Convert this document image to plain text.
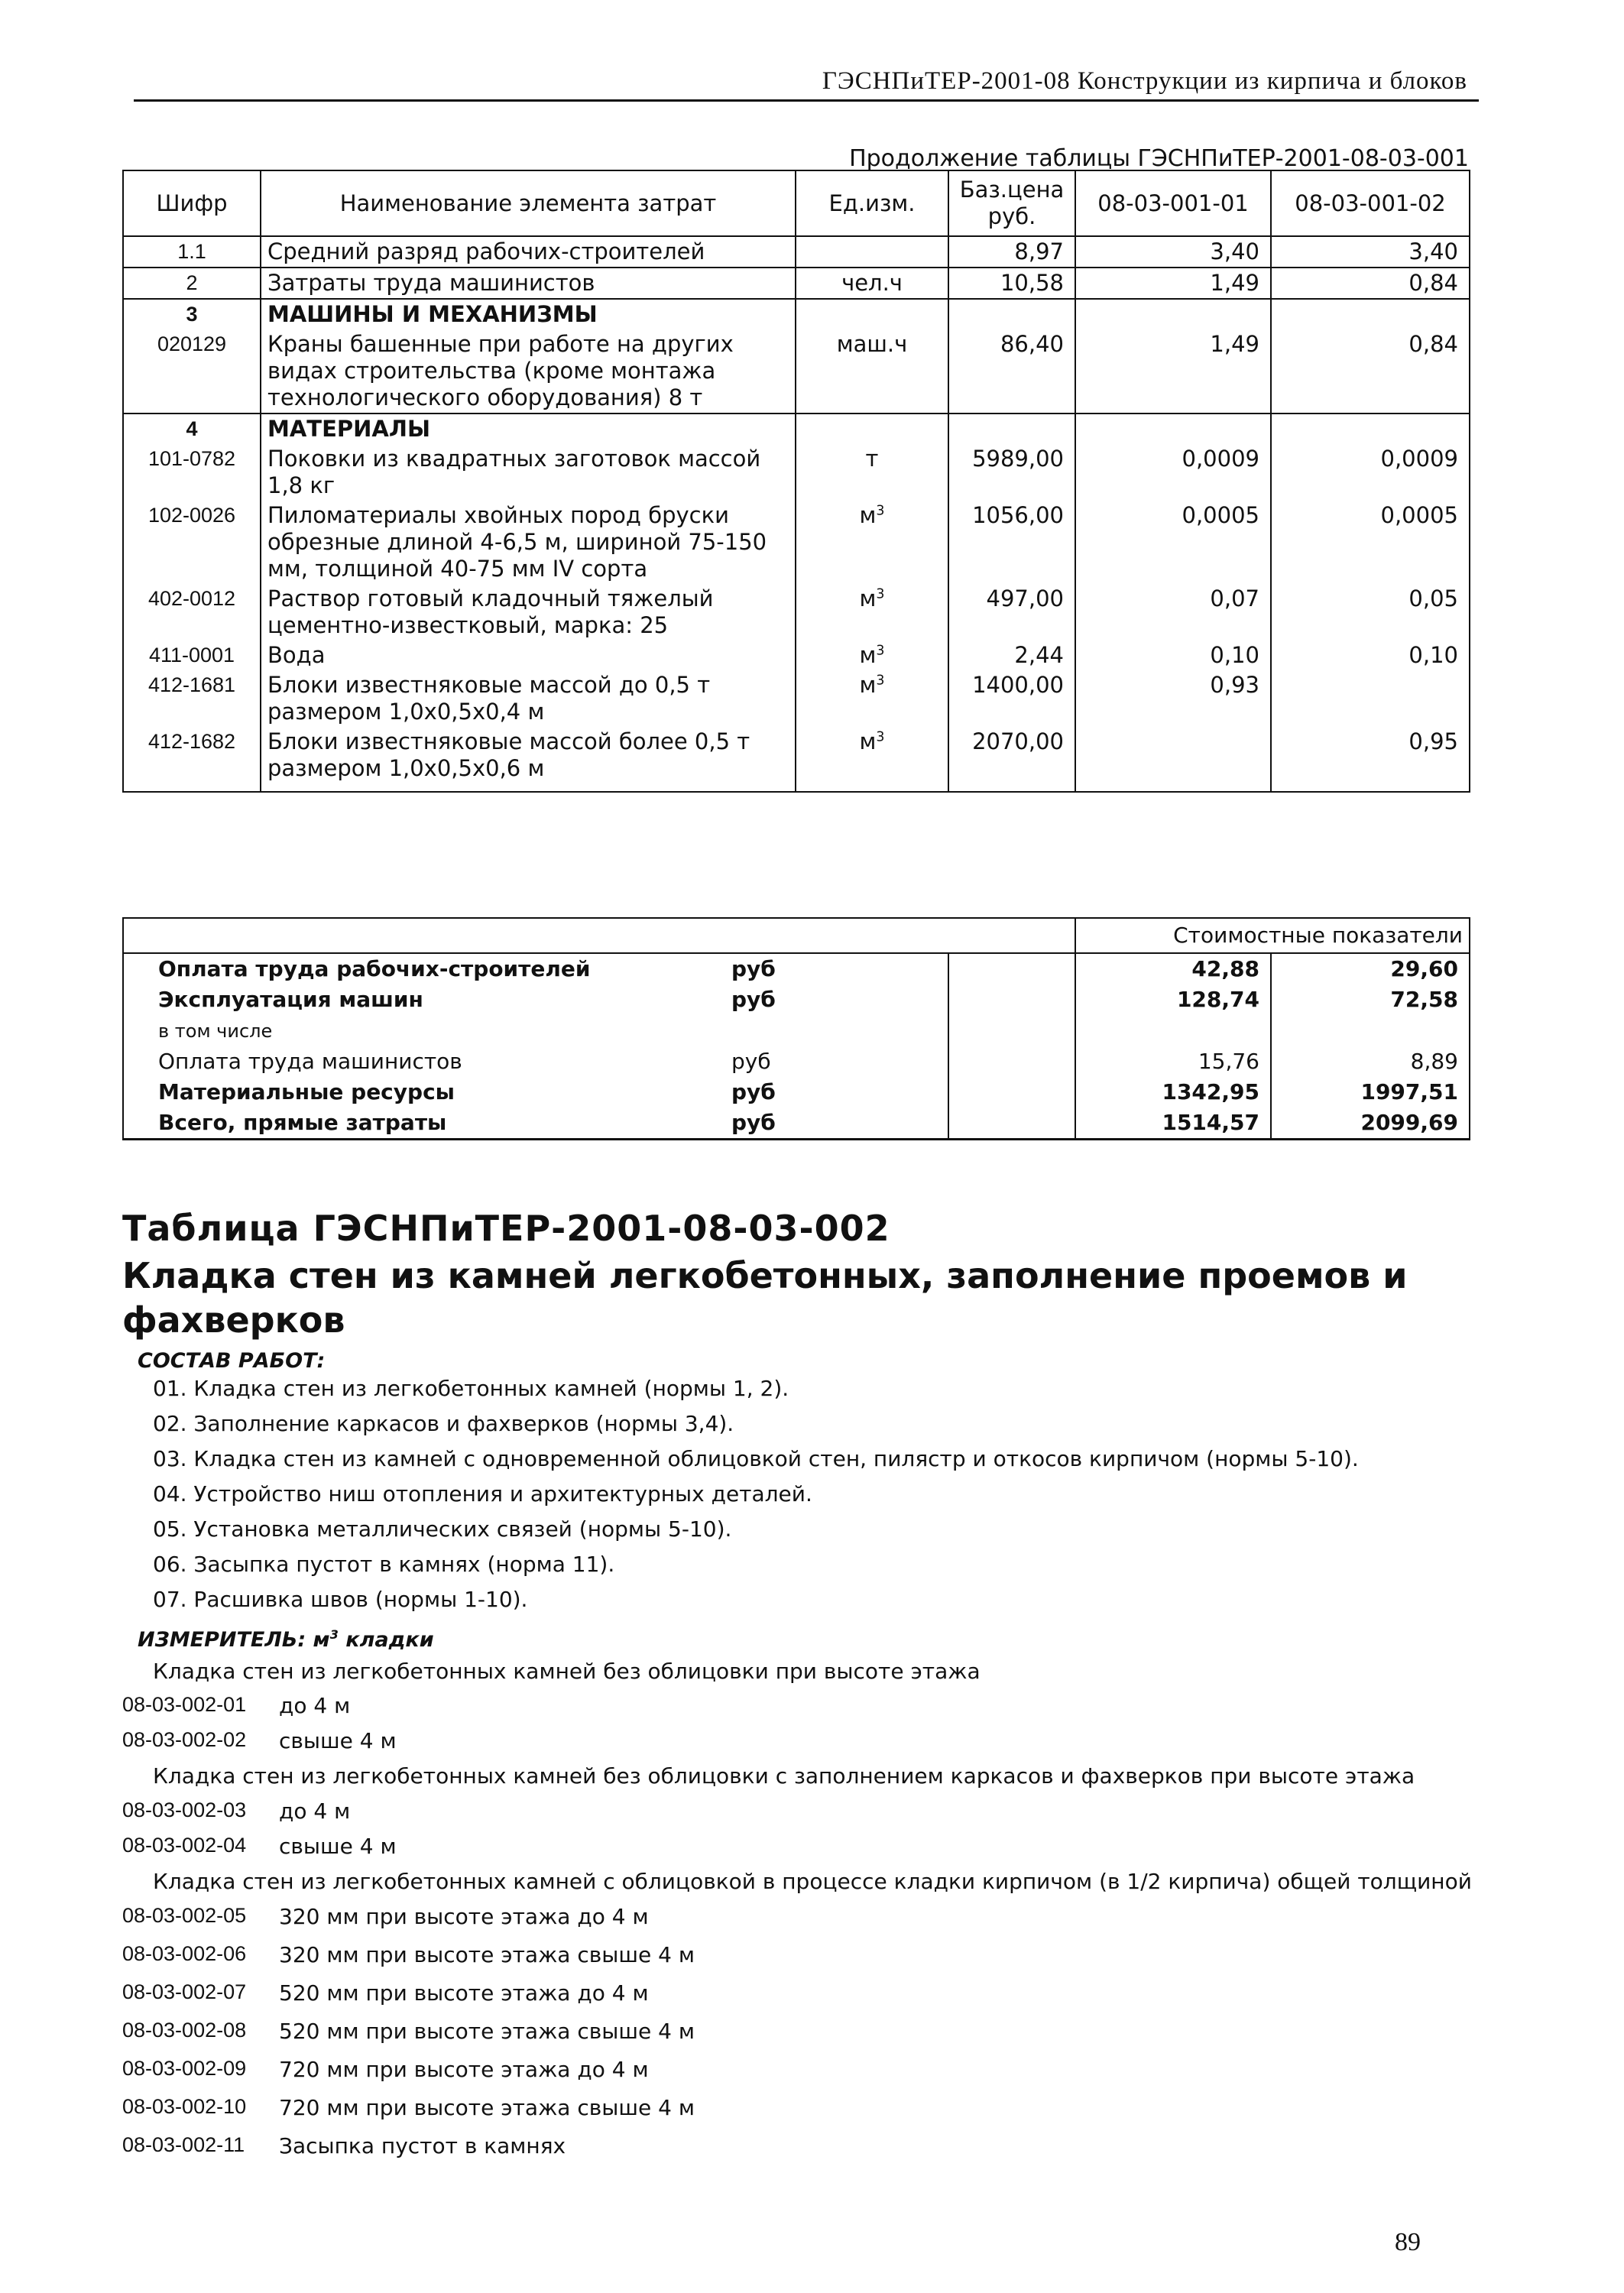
ГЭСНПиТЕР-2001-08 Конструкции из кирпича и блоков
Продолжение таблицы ГЭСНПиТЕР-2001-08-03-001
Шифр	Наименование элемента затрат	Ед.изм.	Баз.цена руб.	08-03-001-01	08-03-001-02
1.1	Средний разряд рабочих-строителей		8,97	3,40	3,40
2	Затраты труда машинистов	чел.ч	10,58	1,49	0,84
3	МАШИНЫ И МЕХАНИЗМЫ				
020129	Краны башенные при работе на других видах строительства (кроме монтажа технологического оборудования) 8 т	маш.ч	86,40	1,49	0,84
4	МАТЕРИАЛЫ				
101-0782	Поковки из квадратных заготовок массой 1,8 кг	т	5989,00	0,0009	0,0009
102-0026	Пиломатериалы хвойных пород бруски обрезные длиной 4-6,5 м, шириной 75-150 мм, толщиной 40-75 мм IV сорта	$м^3$	1056,00	0,0005	0,0005
402-0012	Раствор готовый кладочный тяжелый цементно-известковый, марка: 25	$м^3$	497,00	0,07	0,05
411-0001	Вода	$м^3$	2,44	0,10	0,10
412-1681	Блоки известняковые массой до 0,5 т размером 1,0х0,5х0,4 м	$м^3$	1400,00	0,93	
412-1682	Блоки известняковые массой более 0,5 т размером 1,0х0,5х0,6 м	$м^3$	2070,00		0,95
		Стоимостные показатели	
Оплата труда рабочих-строителей руб		42,88	29,60
Эксплуатация машин руб		128,74	72,58
в том числе			
Оплата труда машинистов руб		15,76	8,89
Материальные ресурсы руб		1342,95	1997,51
Всего, прямые затраты руб		1514,57	2099,69
Таблица ГЭСНПиТЕР-2001-08-03-002
Кладка стен из камней легкобетонных, заполнение проемов и фахверков
СОСТАВ РАБОТ:
01. Кладка стен из легкобетонных камней (нормы 1, 2).
02. Заполнение каркасов и фахверков (нормы 3,4).
03. Кладка стен из камней с одновременной облицовкой стен, пилястр и откосов кирпичом (нормы 5-10).
04. Устройство ниш отопления и архитектурных деталей.
05. Установка металлических связей (нормы 5-10).
06. Засыпка пустот в камнях (норма 11).
07. Расшивка швов (нормы 1-10).
ИЗМЕРИТЕЛЬ: $м^3$ кладки
Кладка стен из легкобетонных камней без облицовки при высоте этажа
08-03-002-01 до 4 м
08-03-002-02 свыше 4 м
Кладка стен из легкобетонных камней без облицовки с заполнением каркасов и фахверков при высоте этажа
08-03-002-03 до 4 м
08-03-002-04 свыше 4 м
Кладка стен из легкобетонных камней с облицовкой в процессе кладки кирпичом (в 1/2 кирпича) общей толщиной
08-03-002-05 320 мм при высоте этажа до 4 м
08-03-002-06 320 мм при высоте этажа свыше 4 м
08-03-002-07 520 мм при высоте этажа до 4 м
08-03-002-08 520 мм при высоте этажа свыше 4 м
08-03-002-09 720 мм при высоте этажа до 4 м
08-03-002-10 720 мм при высоте этажа свыше 4 м
08-03-002-11 Засыпка пустот в камнях
89
